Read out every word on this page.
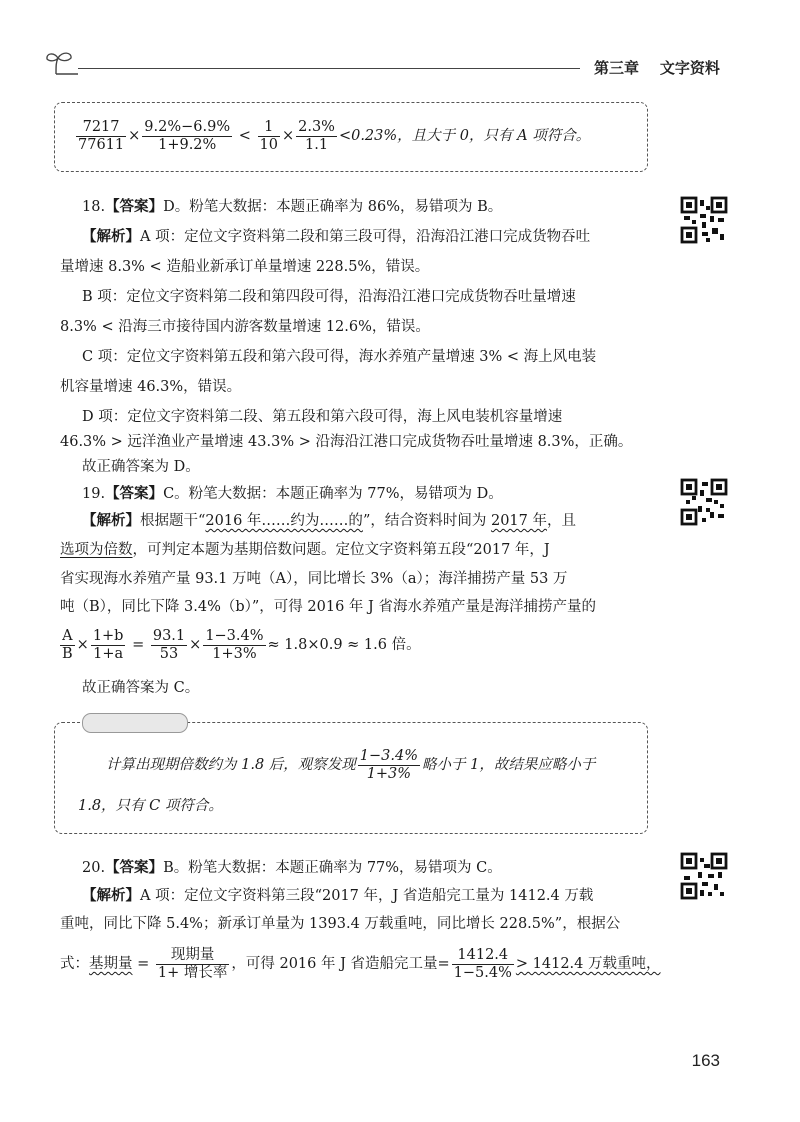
第三章 文字资料
$\frac{7217}{77611} \times \frac{9.2\%-6.9\%}{1+9.2\%} < \frac{1}{10} \times \frac{2.3\%}{1.1} <0.23\%$，且大于 0，只有 A 项符合。
18.【答案】D。粉笔大数据：本题正确率为 86%，易错项为 B。
【解析】A 项：定位文字资料第二段和第三段可得，沿海沿江港口完成货物吞吐
量增速 8.3% < 造船业新承订单量增速 228.5%，错误。
B 项：定位文字资料第二段和第四段可得，沿海沿江港口完成货物吞吐量增速
8.3% < 沿海三市接待国内游客数量增速 12.6%，错误。
C 项：定位文字资料第五段和第六段可得，海水养殖产量增速 3% < 海上风电装
机容量增速 46.3%，错误。
D 项：定位文字资料第二段、第五段和第六段可得，海上风电装机容量增速
46.3% > 远洋渔业产量增速 43.3% > 沿海沿江港口完成货物吞吐量增速 8.3%，正确。
故正确答案为 D。
19.【答案】C。粉笔大数据：本题正确率为 77%，易错项为 D。
【解析】根据题干“2016 年……约为……的”，结合资料时间为 2017 年，且
选项为倍数，可判定本题为基期倍数问题。定位文字资料第五段“2017 年，J
省实现海水养殖产量 93.1 万吨（A），同比增长 3%（a）；海洋捕捞产量 53 万
吨（B），同比下降 3.4%（b）”，可得 2016 年 J 省海水养殖产量是海洋捕捞产量的
$\frac{A}{B} \times \frac{1+b}{1+a} = \frac{93.1}{53} \times \frac{1-3.4\%}{1+3\%} \approx 1.8\times 0.9 \approx 1.6$ 倍。
故正确答案为 C。
计算出现期倍数约为 1.8 后，观察发现 $\frac{1-3.4\%}{1+3\%}$ 略小于 1，故结果应略小于
1.8，只有 C 项符合。
20.【答案】B。粉笔大数据：本题正确率为 77%，易错项为 C。
【解析】A 项：定位文字资料第三段“2017 年，J 省造船完工量为 1412.4 万载
重吨，同比下降 5.4%；新承订单量为 1393.4 万载重吨，同比增长 228.5%”，根据公
式：基期量 = $\frac{\text{现期量}}{\text{1+ 增长率}}$ ，可得 2016 年 J 省造船完工量= $\frac{1412.4}{1-5.4\%} > 1412.4$ 万载重吨，
163
